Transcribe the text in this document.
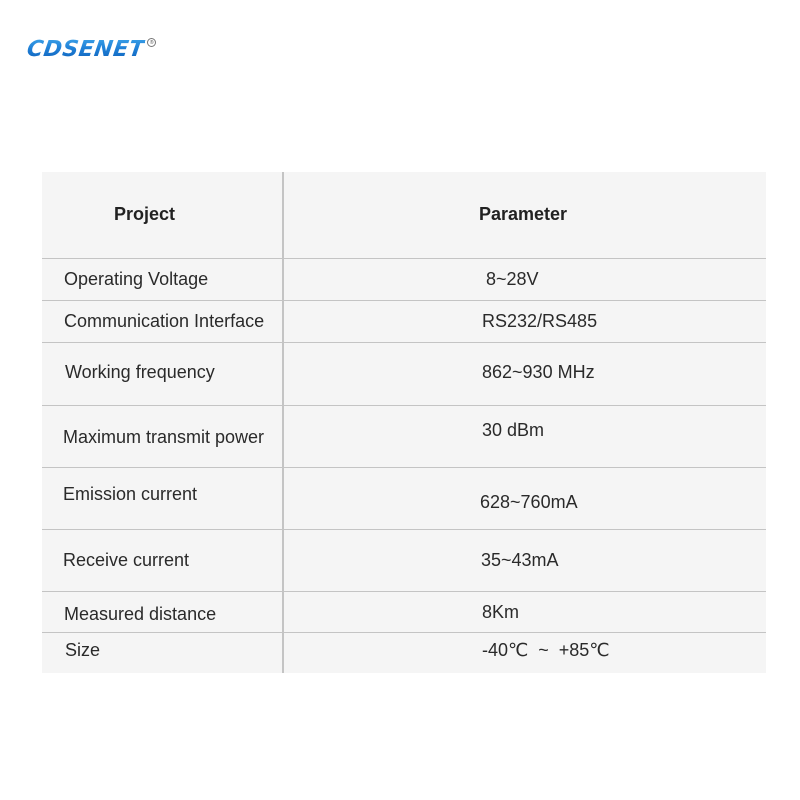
CDSENET ®
Project	Parameter
Operating Voltage	8~28V
Communication Interface	RS232/RS485
Working frequency	862~930 MHz
Maximum transmit power	30 dBm
Emission current	628~760mA
Receive current	35~43mA
Measured distance	8Km
Size	-40℃  ~  +85℃
